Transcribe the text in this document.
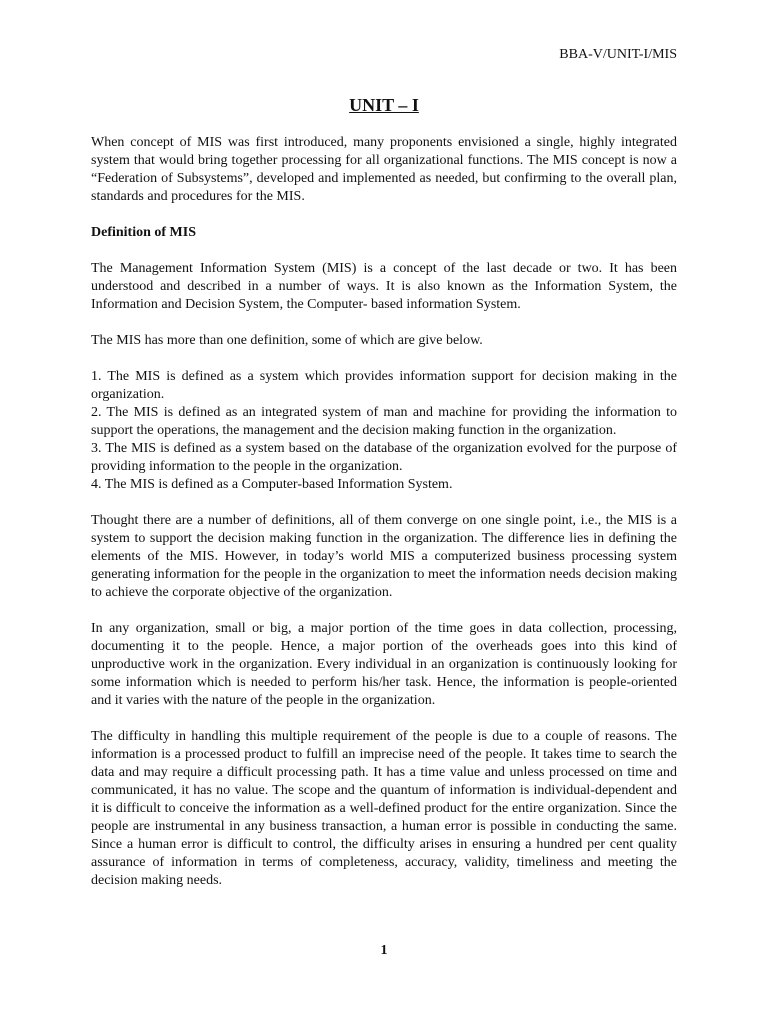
BBA-V/UNIT-I/MIS
UNIT – I

When concept of MIS was first introduced, many proponents envisioned a single, highly integrated system that would bring together processing for all organizational functions. The MIS concept is now a “Federation of Subsystems”, developed and implemented as needed, but confirming to the overall plan, standards and procedures for the MIS.

Definition of MIS

The Management Information System (MIS) is a concept of the last decade or two. It has been understood and described in a number of ways. It is also known as the Information System, the Information and Decision System, the Computer- based information System.

The MIS has more than one definition, some of which are give below.

1. The MIS is defined as a system which provides information support for decision making in the organization.
2. The MIS is defined as an integrated system of man and machine for providing the information to support the operations, the management and the decision making function in the organization.
3. The MIS is defined as a system based on the database of the organization evolved for the purpose of providing information to the people in the organization.
4. The MIS is defined as a Computer-based Information System.

Thought there are a number of definitions, all of them converge on one single point, i.e., the MIS is a system to support the decision making function in the organization. The difference lies in defining the elements of the MIS. However, in today’s world MIS a computerized business processing system generating information for the people in the organization to meet the information needs decision making to achieve the corporate objective of the organization.

In any organization, small or big, a major portion of the time goes in data collection, processing, documenting it to the people. Hence, a major portion of the overheads goes into this kind of unproductive work in the organization. Every individual in an organization is continuously looking for some information which is needed to perform his/her task. Hence, the information is people-oriented and it varies with the nature of the people in the organization.

The difficulty in handling this multiple requirement of the people is due to a couple of reasons. The information is a processed product to fulfill an imprecise need of the people. It takes time to search the data and may require a difficult processing path. It has a time value and unless processed on time and communicated, it has no value. The scope and the quantum of information is individual-dependent and it is difficult to conceive the information as a well-defined product for the entire organization. Since the people are instrumental in any business transaction, a human error is possible in conducting the same. Since a human error is difficult to control, the difficulty arises in ensuring a hundred per cent quality assurance of information in terms of completeness, accuracy, validity, timeliness and meeting the decision making needs.

1
